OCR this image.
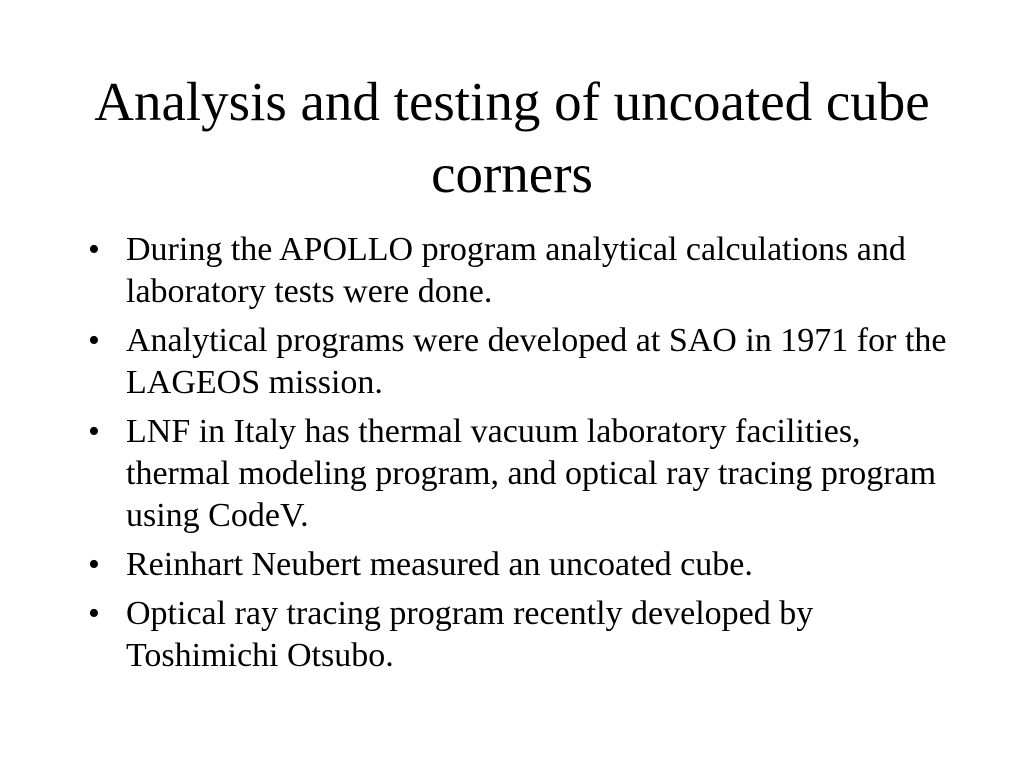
Analysis and testing of uncoated cube corners
• During the APOLLO program analytical calculations and laboratory tests were done.
• Analytical programs were developed at SAO in 1971 for the LAGEOS mission.
• LNF in Italy has thermal vacuum laboratory facilities, thermal modeling program, and optical ray tracing program using CodeV.
• Reinhart Neubert measured an uncoated cube.
• Optical ray tracing program recently developed by Toshimichi Otsubo.
